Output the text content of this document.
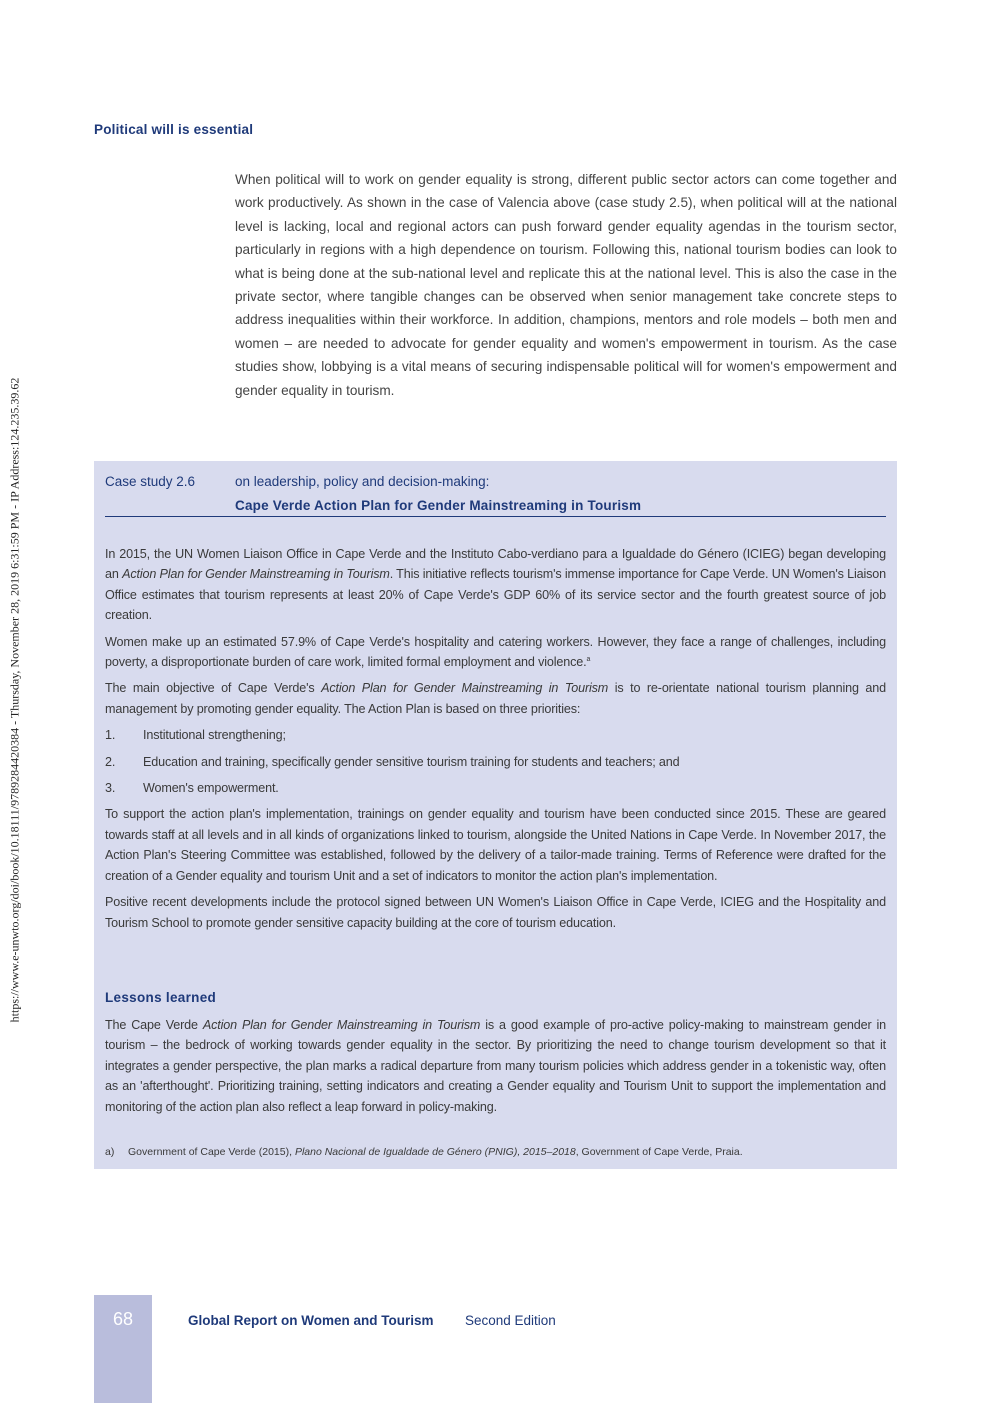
https://www.e-unwto.org/doi/book/10.18111/9789284420384 - Thursday, November 28, 2019 6:31:59 PM - IP Address:124.235.39.62
Political will is essential
When political will to work on gender equality is strong, different public sector actors can come together and work productively. As shown in the case of Valencia above (case study 2.5), when political will at the national level is lacking, local and regional actors can push forward gender equality agendas in the tourism sector, particularly in regions with a high dependence on tourism. Following this, national tourism bodies can look to what is being done at the sub-national level and replicate this at the national level. This is also the case in the private sector, where tangible changes can be observed when senior management take concrete steps to address inequalities within their workforce. In addition, champions, mentors and role models – both men and women – are needed to advocate for gender equality and women's empowerment in tourism. As the case studies show, lobbying is a vital means of securing indispensable political will for women's empowerment and gender equality in tourism.
Case study 2.6	on leadership, policy and decision-making:
Cape Verde Action Plan for Gender Mainstreaming in Tourism

In 2015, the UN Women Liaison Office in Cape Verde and the Instituto Cabo-verdiano para a Igualdade do Género (ICIEG) began developing an Action Plan for Gender Mainstreaming in Tourism. This initiative reflects tourism's immense importance for Cape Verde. UN Women's Liaison Office estimates that tourism represents at least 20% of Cape Verde's GDP 60% of its service sector and the fourth greatest source of job creation.

Women make up an estimated 57.9% of Cape Verde's hospitality and catering workers. However, they face a range of challenges, including poverty, a disproportionate burden of care work, limited formal employment and violence.$^a$

The main objective of Cape Verde's Action Plan for Gender Mainstreaming in Tourism is to re-orientate national tourism planning and management by promoting gender equality. The Action Plan is based on three priorities:

1.	Institutional strengthening;
2.	Education and training, specifically gender sensitive tourism training for students and teachers; and
3.	Women's empowerment.

To support the action plan's implementation, trainings on gender equality and tourism have been conducted since 2015. These are geared towards staff at all levels and in all kinds of organizations linked to tourism, alongside the United Nations in Cape Verde. In November 2017, the Action Plan's Steering Committee was established, followed by the delivery of a tailor-made training. Terms of Reference were drafted for the creation of a Gender equality and tourism Unit and a set of indicators to monitor the action plan's implementation.

Positive recent developments include the protocol signed between UN Women's Liaison Office in Cape Verde, ICIEG and the Hospitality and Tourism School to promote gender sensitive capacity building at the core of tourism education.

Lessons learned
The Cape Verde Action Plan for Gender Mainstreaming in Tourism is a good example of pro-active policy-making to mainstream gender in tourism – the bedrock of working towards gender equality in the sector. By prioritizing the need to change tourism development so that it integrates a gender perspective, the plan marks a radical departure from many tourism policies which address gender in a tokenistic way, often as an 'afterthought'. Prioritizing training, setting indicators and creating a Gender equality and Tourism Unit to support the implementation and monitoring of the action plan also reflect a leap forward in policy-making.
a) Government of Cape Verde (2015), Plano Nacional de Igualdade de Género (PNIG), 2015–2018, Government of Cape Verde, Praia.
68	Global Report on Women and Tourism Second Edition
